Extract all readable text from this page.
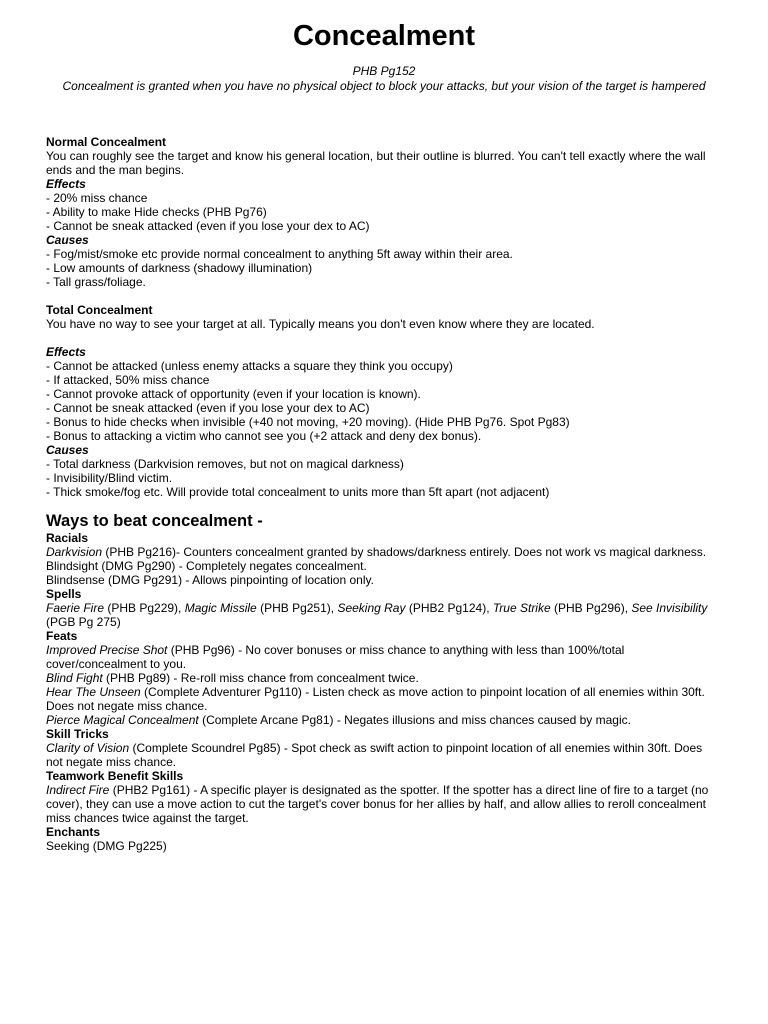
Concealment
PHB Pg152
Concealment is granted when you have no physical object to block your attacks, but your vision of the target is hampered

Normal Concealment

You can roughly see the target and know his general location, but their outline is blurred. You can't tell exactly where the wall ends and the man begins.

Effects

- 20% miss chance

- Ability to make Hide checks (PHB Pg76)

- Cannot be sneak attacked (even if you lose your dex to AC)

Causes

- Fog/mist/smoke etc provide normal concealment to anything 5ft away within their area.

- Low amounts of darkness (shadowy illumination)

- Tall grass/foliage.

Total Concealment

You have no way to see your target at all. Typically means you don't even know where they are located.

Effects

- Cannot be attacked (unless enemy attacks a square they think you occupy)

- If attacked, 50% miss chance

- Cannot provoke attack of opportunity (even if your location is known).

- Cannot be sneak attacked (even if you lose your dex to AC)

- Bonus to hide checks when invisible (+40 not moving, +20 moving). (Hide PHB Pg76. Spot Pg83)

- Bonus to attacking a victim who cannot see you (+2 attack and deny dex bonus).

Causes

- Total darkness (Darkvision removes, but not on magical darkness)

- Invisibility/Blind victim.

- Thick smoke/fog etc. Will provide total concealment to units more than 5ft apart (not adjacent)

Ways to beat concealment -

Racials

Darkvision (PHB Pg216)- Counters concealment granted by shadows/darkness entirely. Does not work vs magical darkness.

Blindsight (DMG Pg290) - Completely negates concealment.

Blindsense (DMG Pg291) - Allows pinpointing of location only.

Spells

Faerie Fire (PHB Pg229), Magic Missile (PHB Pg251), Seeking Ray (PHB2 Pg124), True Strike (PHB Pg296), See Invisibility (PGB Pg 275)

Feats

Improved Precise Shot (PHB Pg96) - No cover bonuses or miss chance to anything with less than 100%/total cover/concealment to you.

Blind Fight (PHB Pg89) - Re-roll miss chance from concealment twice.

Hear The Unseen (Complete Adventurer Pg110) - Listen check as move action to pinpoint location of all enemies within 30ft. Does not negate miss chance.

Pierce Magical Concealment (Complete Arcane Pg81) - Negates illusions and miss chances caused by magic.

Skill Tricks

Clarity of Vision (Complete Scoundrel Pg85) - Spot check as swift action to pinpoint location of all enemies within 30ft. Does not negate miss chance.

Teamwork Benefit Skills

Indirect Fire (PHB2 Pg161) - A specific player is designated as the spotter. If the spotter has a direct line of fire to a target (no cover), they can use a move action to cut the target's cover bonus for her allies by half, and allow allies to reroll concealment miss chances twice against the target.

Enchants

Seeking (DMG Pg225)
